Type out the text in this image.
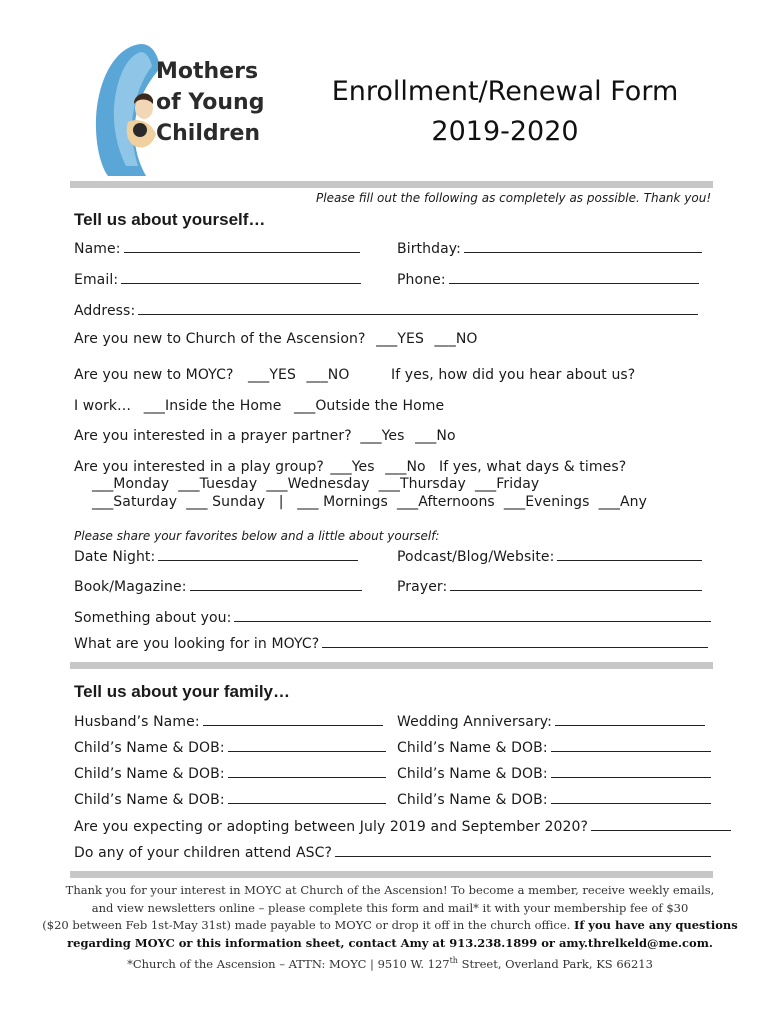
Mothers
of Young
Children
Enrollment/Renewal Form
2019-2020
Please fill out the following as completely as possible. Thank you!
Tell us about yourself…
Name:	Birthday:
Email:	Phone:
Address:
Are you new to Church of the Ascension? ___YES ___NO
Are you new to MOYC? ___YES ___NO	If yes, how did you hear about us?
I work… ___Inside the Home ___Outside the Home
Are you interested in a prayer partner? ___Yes ___No
Are you interested in a play group? ___Yes ___No If yes, what days & times?
___Monday  ___Tuesday  ___Wednesday  ___Thursday  ___Friday
___Saturday  ___ Sunday   |   ___ Mornings  ___Afternoons  ___Evenings  ___Any
Please share your favorites below and a little about yourself:
Date Night:	Podcast/Blog/Website:
Book/Magazine:	Prayer:
Something about you:
What are you looking for in MOYC?
Tell us about your family…
Husband’s Name:	Wedding Anniversary:
Child’s Name & DOB:	Child’s Name & DOB:
Child’s Name & DOB:	Child’s Name & DOB:
Child’s Name & DOB:	Child’s Name & DOB:
Are you expecting or adopting between July 2019 and September 2020?
Do any of your children attend ASC?
Thank you for your interest in MOYC at Church of the Ascension! To become a member, receive weekly emails,
and view newsletters online – please complete this form and mail* it with your membership fee of $30
($20 between Feb 1st-May 31st) made payable to MOYC or drop it off in the church office. If you have any questions
regarding MOYC or this information sheet, contact Amy at 913.238.1899 or amy.threlkeld@me.com.
*Church of the Ascension – ATTN: MOYC | 9510 W. 127th Street, Overland Park, KS 66213
